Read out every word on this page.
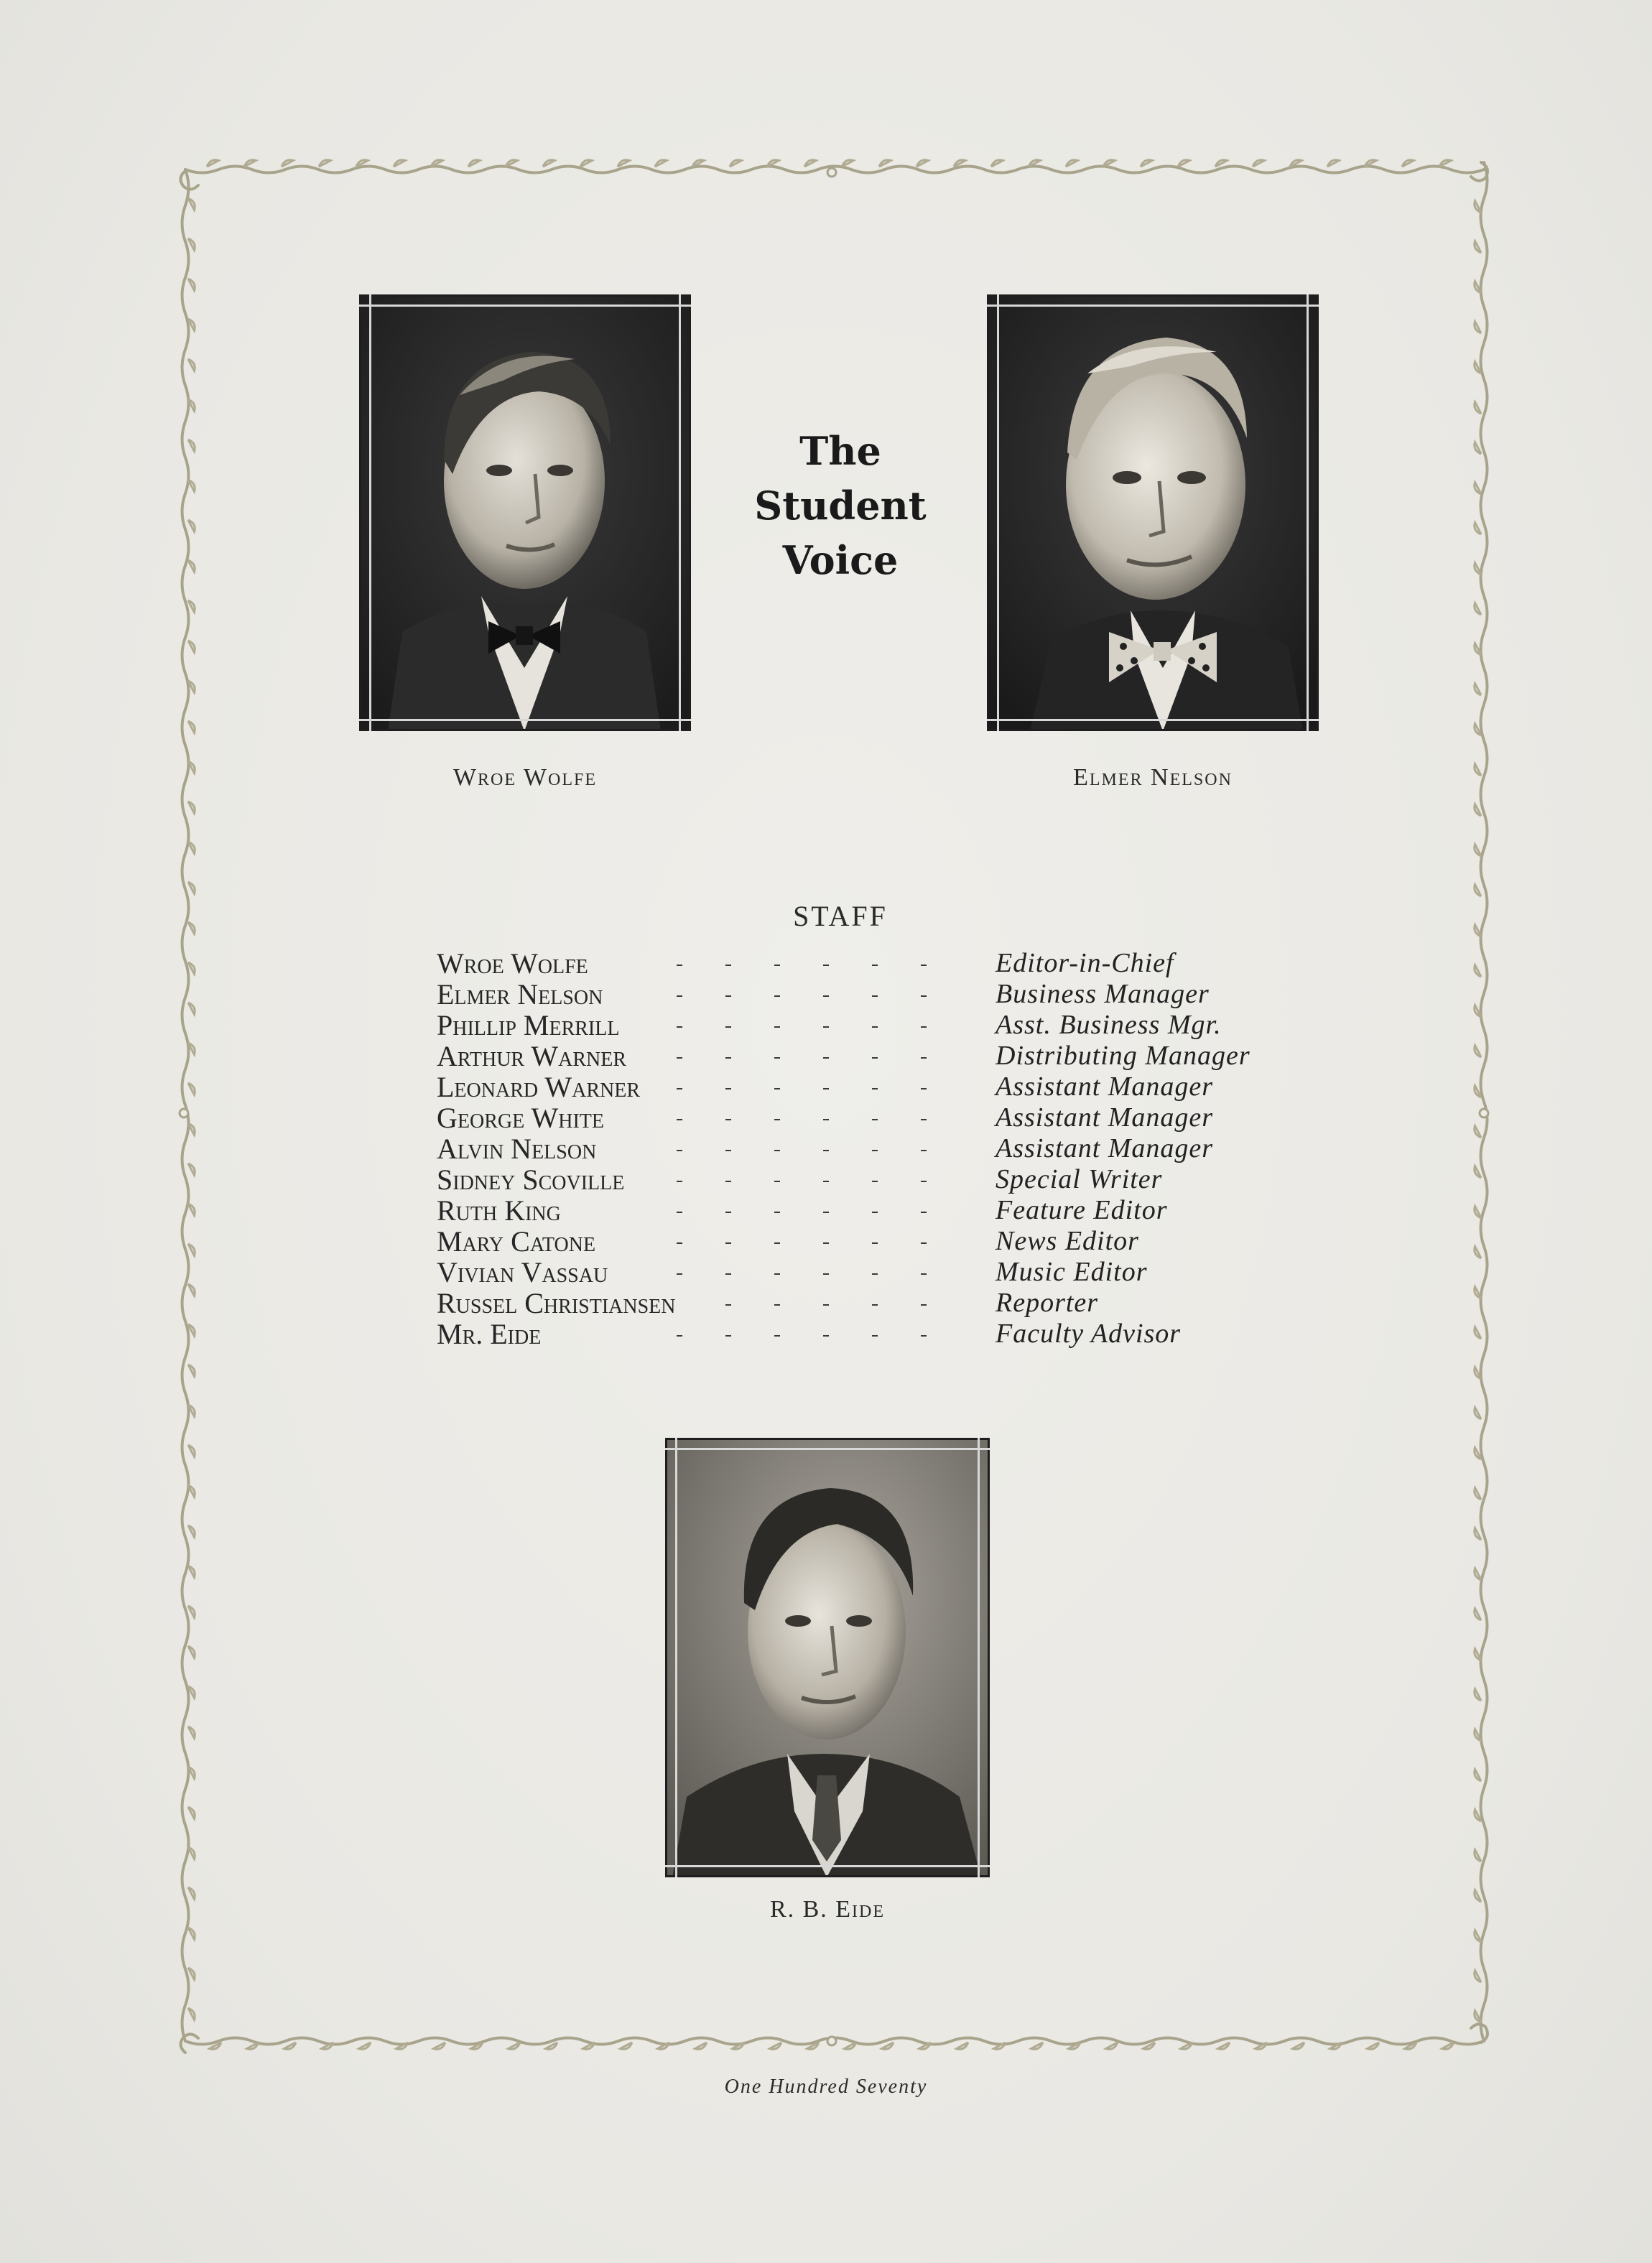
The
Student
Voice
Wroe Wolfe	Elmer Nelson
STAFF
Wroe Wolfe	Editor-in-Chief
Elmer Nelson	Business Manager
Phillip Merrill	Asst. Business Mgr.
Arthur Warner	Distributing Manager
Leonard Warner	Assistant Manager
George White	Assistant Manager
Alvin Nelson	Assistant Manager
Sidney Scoville	Special Writer
Ruth King	Feature Editor
Mary Catone	News Editor
Vivian Vassau	Music Editor
Russel Christiansen	Reporter
Mr. Eide	Faculty Advisor
R. B. Eide
One Hundred Seventy
